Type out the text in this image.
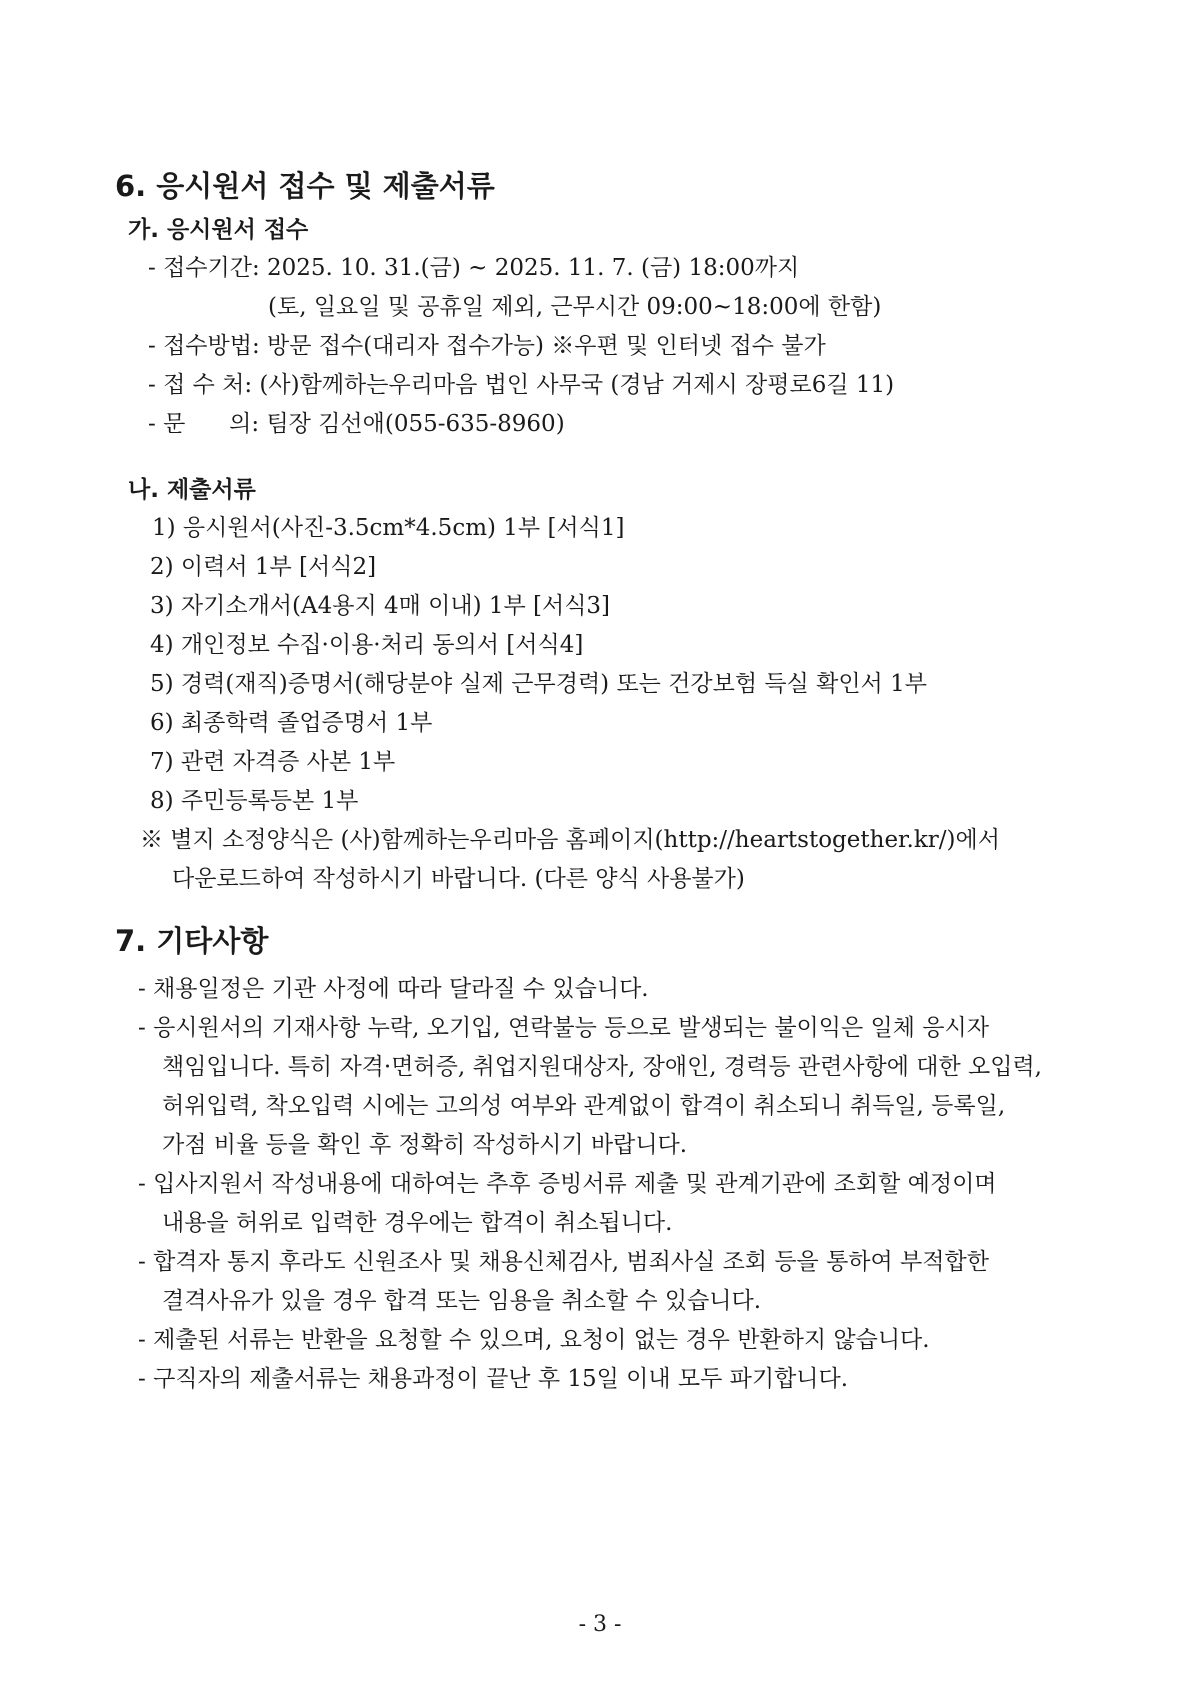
6. 응시원서 접수 및 제출서류
가. 응시원서 접수
- 접수기간: 2025. 10. 31.(금) ~ 2025. 11. 7. (금) 18:00까지
(토, 일요일 및 공휴일 제외, 근무시간 09:00~18:00에 한함)
- 접수방법: 방문 접수(대리자 접수가능) ※우편 및 인터넷 접수 불가
- 접 수 처: (사)함께하는우리마음 법인 사무국 (경남 거제시 장평로6길 11)
- 문      의: 팀장 김선애(055-635-8960)
나. 제출서류
1) 응시원서(사진-3.5cm*4.5cm) 1부 [서식1]
2) 이력서 1부 [서식2]
3) 자기소개서(A4용지 4매 이내) 1부 [서식3]
4) 개인정보 수집·이용·처리 동의서 [서식4]
5) 경력(재직)증명서(해당분야 실제 근무경력) 또는 건강보험 득실 확인서 1부
6) 최종학력 졸업증명서 1부
7) 관련 자격증 사본 1부
8) 주민등록등본 1부
※ 별지 소정양식은 (사)함께하는우리마음 홈페이지(http://heartstogether.kr/)에서
다운로드하여 작성하시기 바랍니다. (다른 양식 사용불가)
7. 기타사항
- 채용일정은 기관 사정에 따라 달라질 수 있습니다.
- 응시원서의 기재사항 누락, 오기입, 연락불능 등으로 발생되는 불이익은 일체 응시자
책임입니다. 특히 자격·면허증, 취업지원대상자, 장애인, 경력등 관련사항에 대한 오입력,
허위입력, 착오입력 시에는 고의성 여부와 관계없이 합격이 취소되니 취득일, 등록일,
가점 비율 등을 확인 후 정확히 작성하시기 바랍니다.
- 입사지원서 작성내용에 대하여는 추후 증빙서류 제출 및 관계기관에 조회할 예정이며
내용을 허위로 입력한 경우에는 합격이 취소됩니다.
- 합격자 통지 후라도 신원조사 및 채용신체검사, 범죄사실 조회 등을 통하여 부적합한
결격사유가 있을 경우 합격 또는 임용을 취소할 수 있습니다.
- 제출된 서류는 반환을 요청할 수 있으며, 요청이 없는 경우 반환하지 않습니다.
- 구직자의 제출서류는 채용과정이 끝난 후 15일 이내 모두 파기합니다.
- 3 -
